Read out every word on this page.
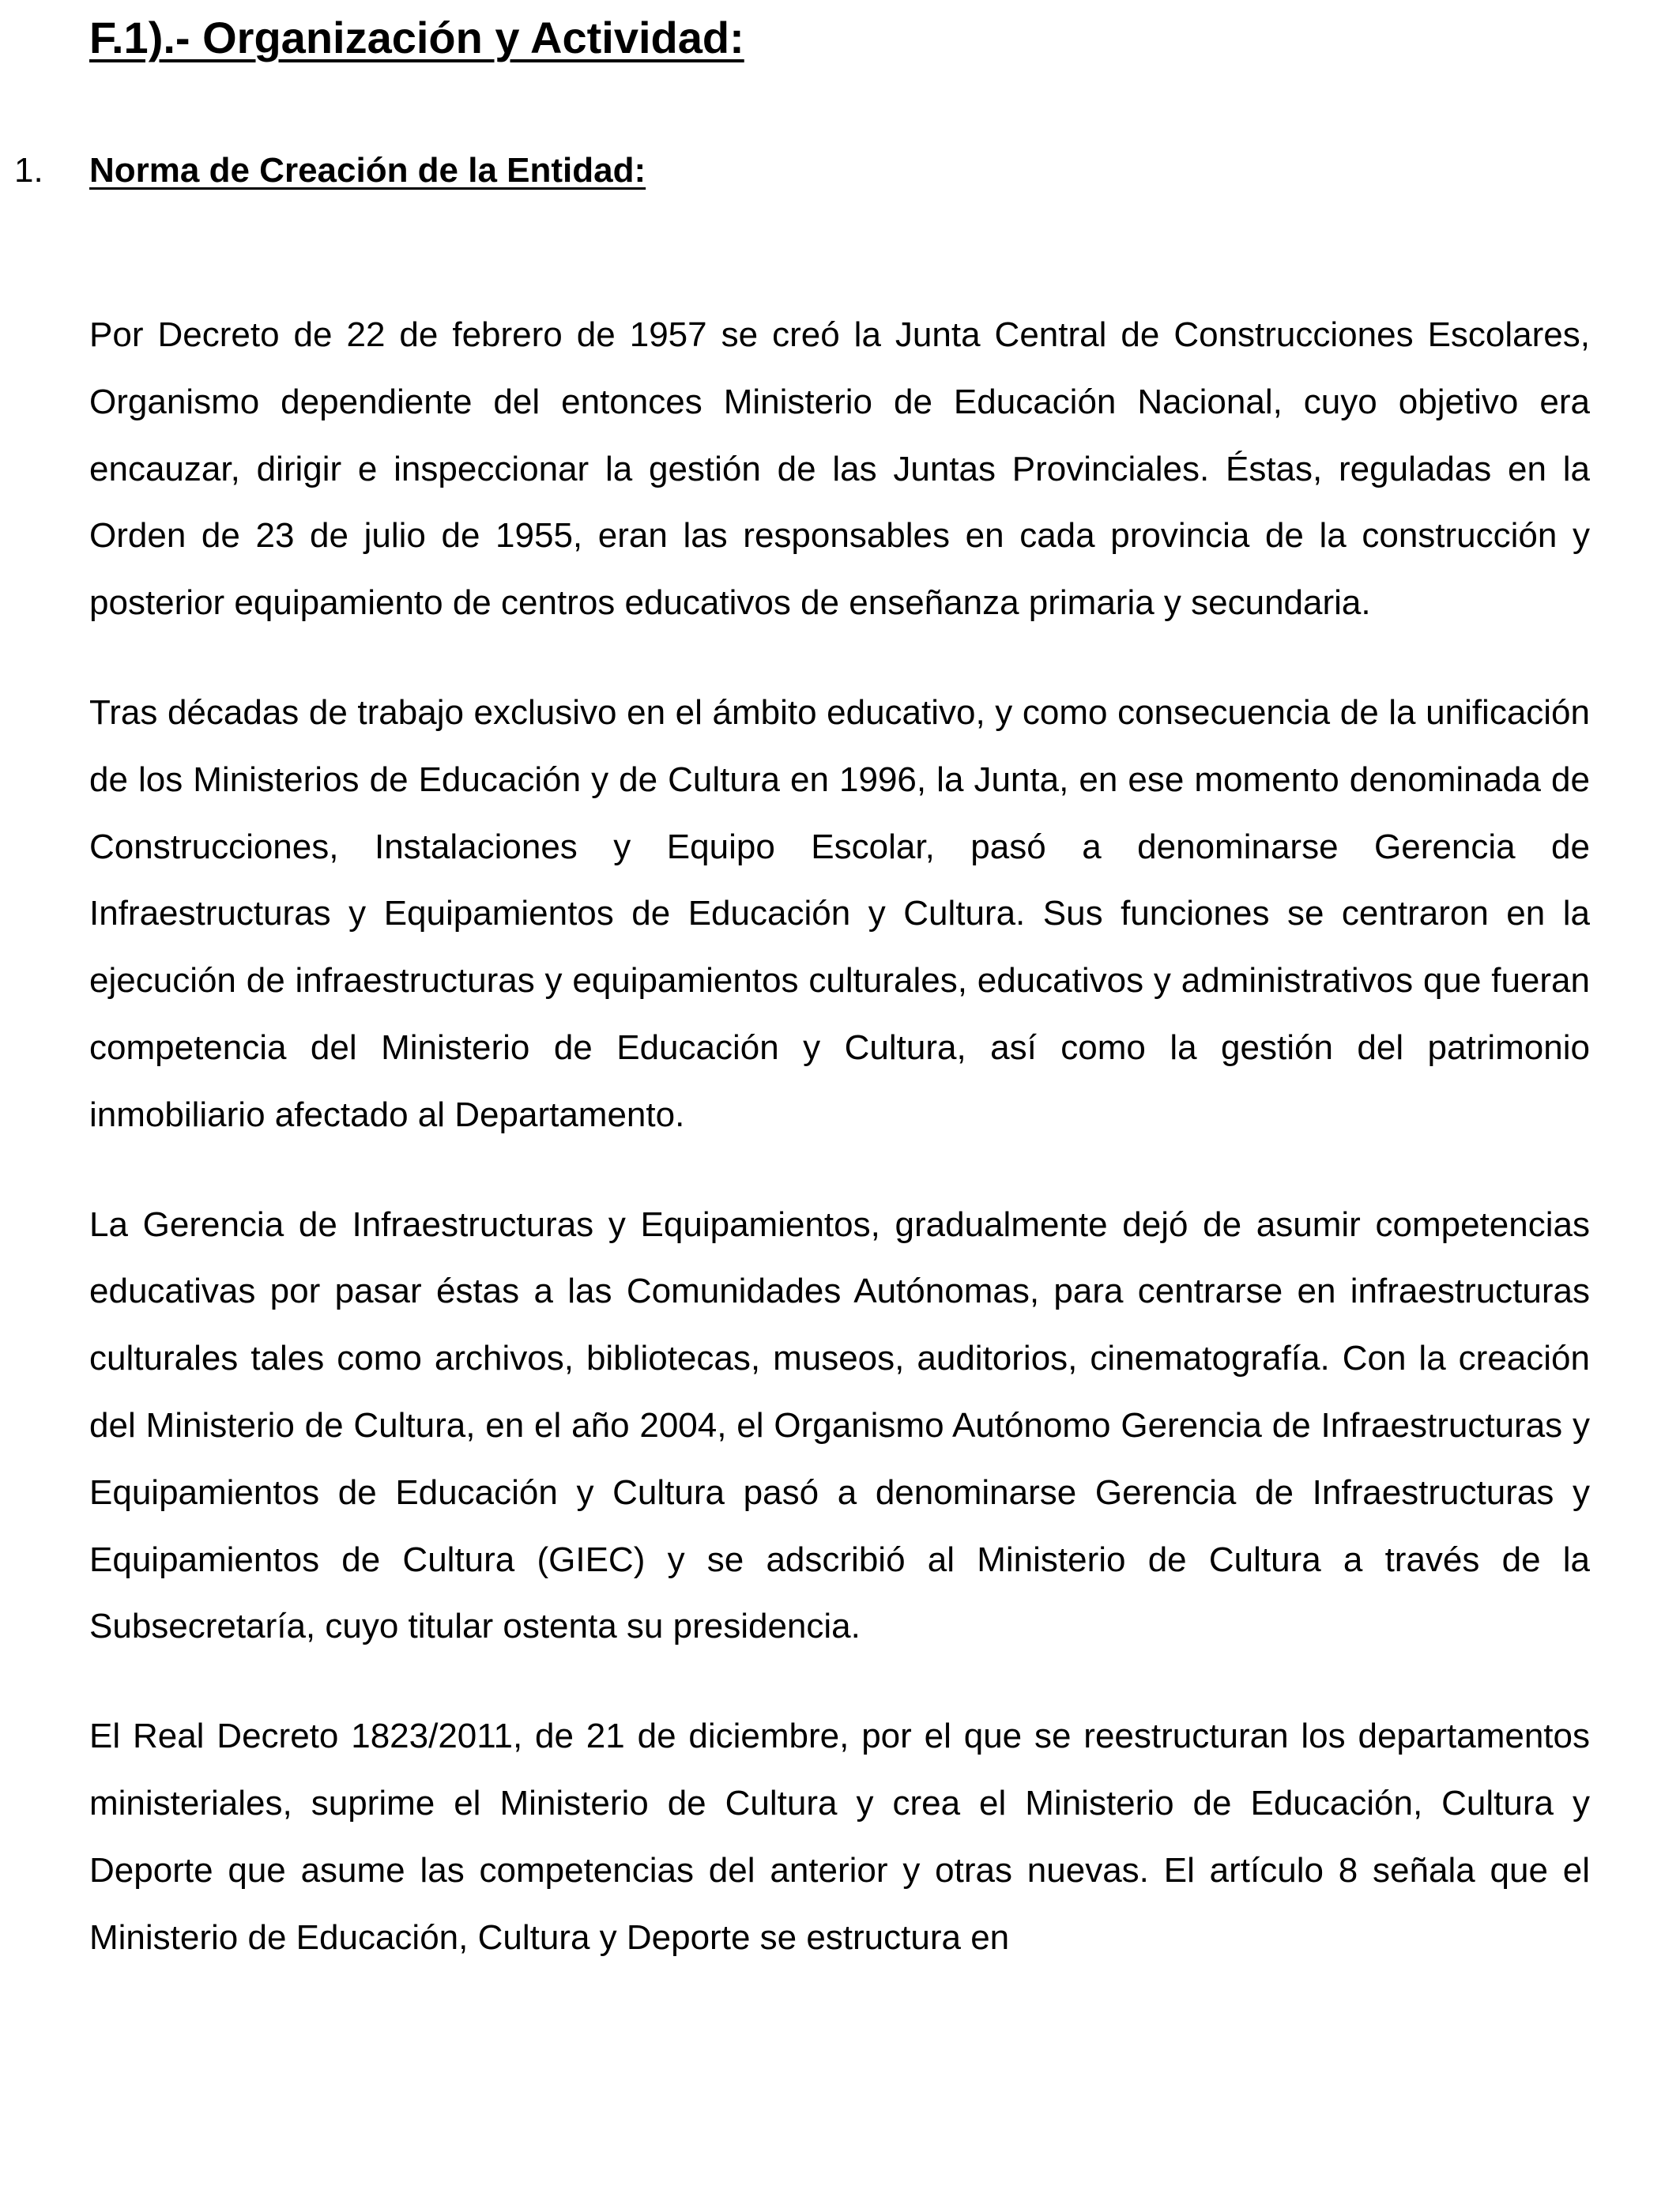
F.1).- Organización y Actividad:
1. Norma de Creación de la Entidad:

Por Decreto de 22 de febrero de 1957 se creó la Junta Central de Construcciones Escolares, Organismo dependiente del entonces Ministerio de Educación Nacional, cuyo objetivo era encauzar, dirigir e inspeccionar la gestión de las Juntas Provinciales. Éstas, reguladas en la Orden de 23 de julio de 1955, eran las responsables en cada provincia de la construcción y posterior equipamiento de centros educativos de enseñanza primaria y secundaria.

Tras décadas de trabajo exclusivo en el ámbito educativo, y como consecuencia de la unificación de los Ministerios de Educación y de Cultura en 1996, la Junta, en ese momento denominada de Construcciones, Instalaciones y Equipo Escolar, pasó a denominarse Gerencia de Infraestructuras y Equipamientos de Educación y Cultura. Sus funciones se centraron en la ejecución de infraestructuras y equipamientos culturales, educativos y administrativos que fueran competencia del Ministerio de Educación y Cultura, así como la gestión del patrimonio inmobiliario afectado al Departamento.

La Gerencia de Infraestructuras y Equipamientos, gradualmente dejó de asumir competencias educativas por pasar éstas a las Comunidades Autónomas, para centrarse en infraestructuras culturales tales como archivos, bibliotecas, museos, auditorios, cinematografía. Con la creación del Ministerio de Cultura, en el año 2004, el Organismo Autónomo Gerencia de Infraestructuras y Equipamientos de Educación y Cultura pasó a denominarse Gerencia de Infraestructuras y Equipamientos de Cultura (GIEC) y se adscribió al Ministerio de Cultura a través de la Subsecretaría, cuyo titular ostenta su presidencia.

El Real Decreto 1823/2011, de 21 de diciembre, por el que se reestructuran los departamentos ministeriales, suprime el Ministerio de Cultura y crea el Ministerio de Educación, Cultura y Deporte que asume las competencias del anterior y otras nuevas. El artículo 8 señala que el Ministerio de Educación, Cultura y Deporte se estructura en
